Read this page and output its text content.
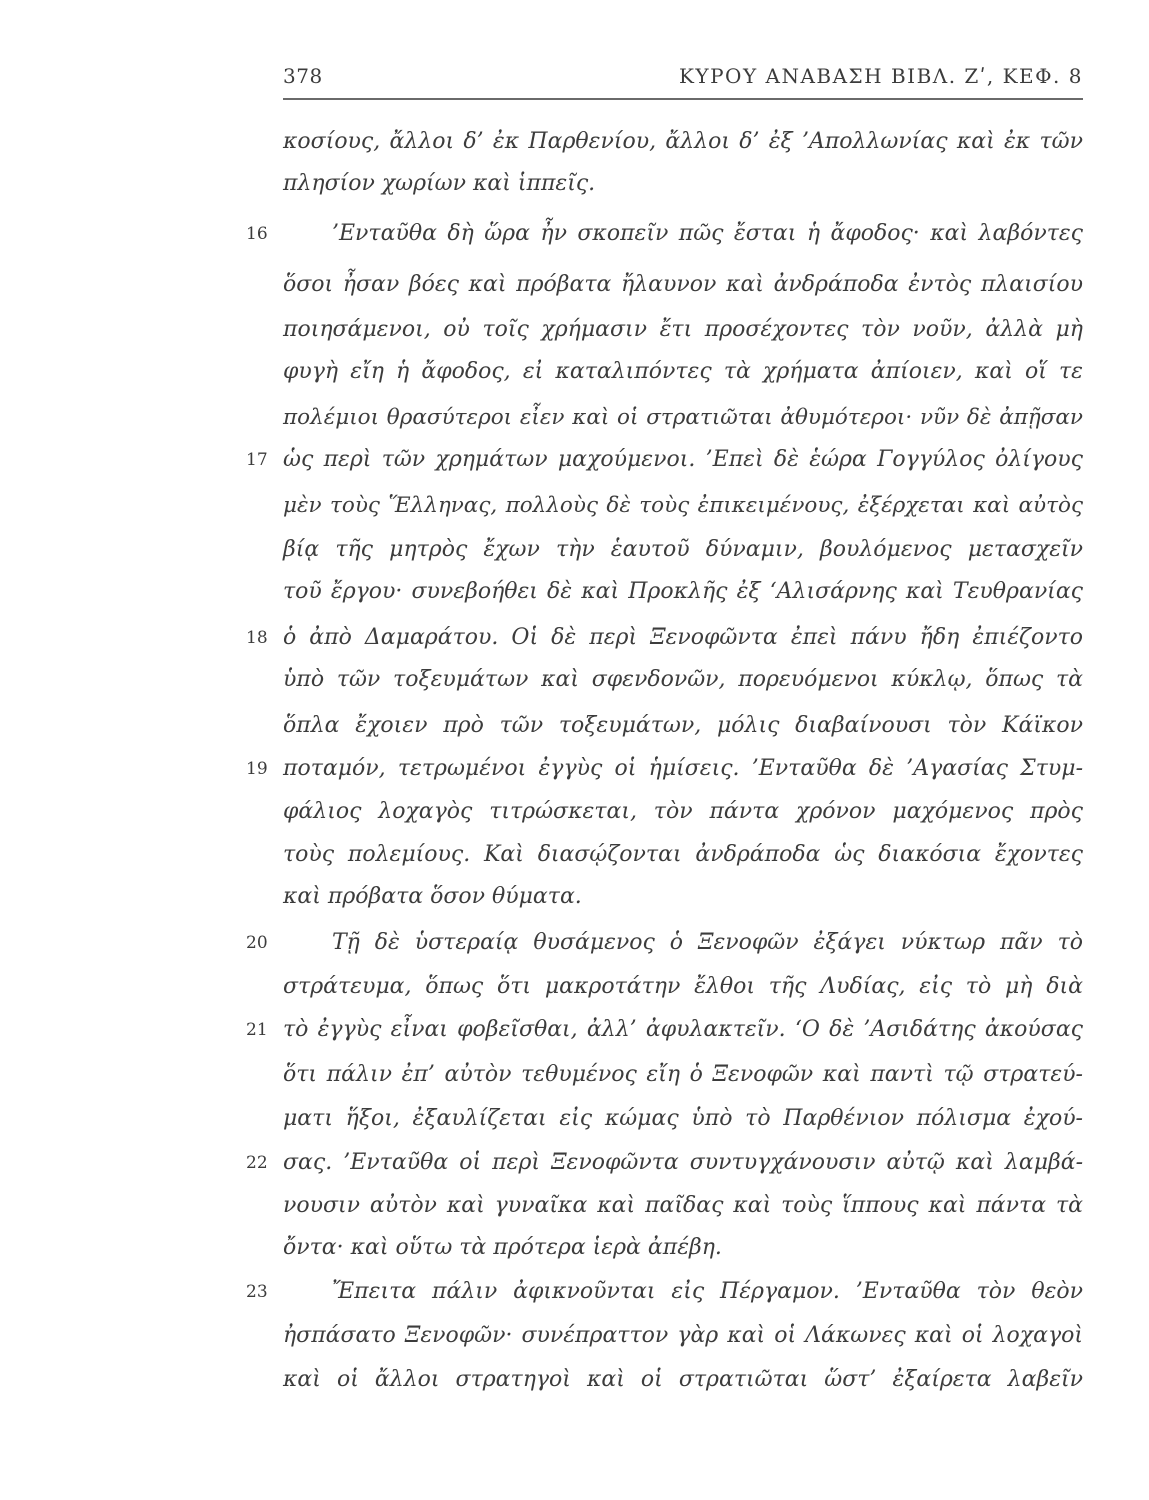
378	ΚΥΡΟΥ ΑΝΑΒΑΣΗ ΒΙΒΛ. Ζʹ, ΚΕΦ. 8
κοσίους, ἄλλοι δ’ ἐκ Παρθενίου, ἄλλοι δ’ ἐξ ’Απολλωνίας καὶ ἐκ τῶν
πλησίον χωρίων καὶ ἱππεῖς.
16	’Ενταῦθα δὴ ὥρα ἦν σκοπεῖν πῶς ἔσται ἡ ἄφοδος· καὶ λαβόντες
ὅσοι ἦσαν βόες καὶ πρόβατα ἤλαυνον καὶ ἀνδράποδα ἐντὸς πλαισίου
ποιησάμενοι, οὐ τοῖς χρήμασιν ἔτι προσέχοντες τὸν νοῦν, ἀλλὰ μὴ
φυγὴ εἴη ἡ ἄφοδος, εἰ καταλιπόντες τὰ χρήματα ἀπίοιεν, καὶ οἵ τε
πολέμιοι θρασύτεροι εἶεν καὶ οἱ στρατιῶται ἀθυμότεροι· νῦν δὲ ἀπῇσαν
17 ὡς περὶ τῶν χρημάτων μαχούμενοι. ’Επεὶ δὲ ἑώρα Γογγύλος ὀλίγους
μὲν τοὺς Ἕλληνας, πολλοὺς δὲ τοὺς ἐπικειμένους, ἐξέρχεται καὶ αὐτὸς
βίᾳ τῆς μητρὸς ἔχων τὴν ἑαυτοῦ δύναμιν, βουλόμενος μετασχεῖν
τοῦ ἔργου· συνεβοήθει δὲ καὶ Προκλῆς ἐξ ‘Αλισάρνης καὶ Τευθρανίας
18 ὁ ἀπὸ Δαμαράτου. Οἱ δὲ περὶ Ξενοφῶντα ἐπεὶ πάνυ ἤδη ἐπιέζοντο
ὑπὸ τῶν τοξευμάτων καὶ σφενδονῶν, πορευόμενοι κύκλῳ, ὅπως τὰ
ὅπλα ἔχοιεν πρὸ τῶν τοξευμάτων, μόλις διαβαίνουσι τὸν Κάϊκον
19 ποταμόν, τετρωμένοι ἐγγὺς οἱ ἡμίσεις. ’Ενταῦθα δὲ ’Αγασίας Στυμ-
φάλιος λοχαγὸς τιτρώσκεται, τὸν πάντα χρόνον μαχόμενος πρὸς
τοὺς πολεμίους. Καὶ διασῴζονται ἀνδράποδα ὡς διακόσια ἔχοντες
καὶ πρόβατα ὅσον θύματα.
20	Τῇ δὲ ὑστεραίᾳ θυσάμενος ὁ Ξενοφῶν ἐξάγει νύκτωρ πᾶν τὸ
στράτευμα, ὅπως ὅτι μακροτάτην ἔλθοι τῆς Λυδίας, εἰς τὸ μὴ διὰ
21 τὸ ἐγγὺς εἶναι φοβεῖσθαι, ἀλλ’ ἀφυλακτεῖν. ‘Ο δὲ ’Ασιδάτης ἀκούσας
ὅτι πάλιν ἐπ’ αὐτὸν τεθυμένος εἴη ὁ Ξενοφῶν καὶ παντὶ τῷ στρατεύ-
ματι ἥξοι, ἐξαυλίζεται εἰς κώμας ὑπὸ τὸ Παρθένιον πόλισμα ἐχού-
22 σας. ’Ενταῦθα οἱ περὶ Ξενοφῶντα συντυγχάνουσιν αὐτῷ καὶ λαμβά-
νουσιν αὐτὸν καὶ γυναῖκα καὶ παῖδας καὶ τοὺς ἵππους καὶ πάντα τὰ
ὄντα· καὶ οὕτω τὰ πρότερα ἱερὰ ἀπέβη.
23	Ἔπειτα πάλιν ἀφικνοῦνται εἰς Πέργαμον. ’Ενταῦθα τὸν θεὸν
ἠσπάσατο Ξενοφῶν· συνέπραττον γὰρ καὶ οἱ Λάκωνες καὶ οἱ λοχαγοὶ
καὶ οἱ ἄλλοι στρατηγοὶ καὶ οἱ στρατιῶται ὥστ’ ἐξαίρετα λαβεῖν
